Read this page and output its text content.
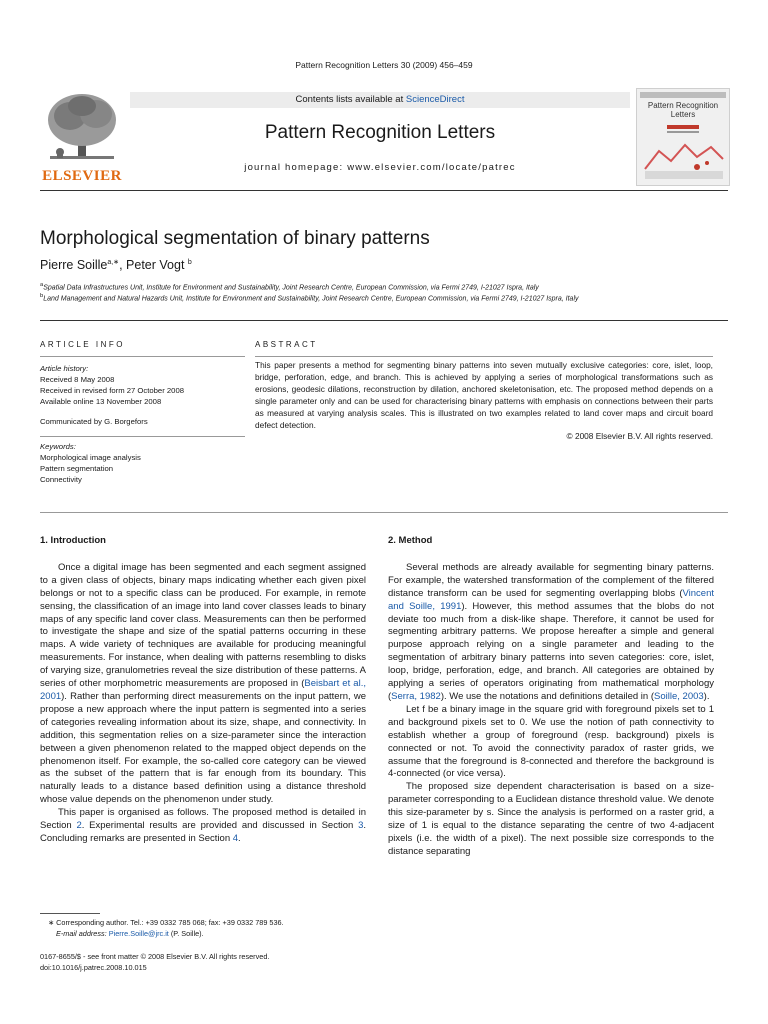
Pattern Recognition Letters 30 (2009) 456–459
ELSEVIER
Contents lists available at ScienceDirect
Pattern Recognition Letters
journal homepage: www.elsevier.com/locate/patrec
Pattern Recognition Letters
Morphological segmentation of binary patterns
Pierre Soille$^{a,∗}$, Peter Vogt $^b$
$^a$Spatial Data Infrastructures Unit, Institute for Environment and Sustainability, Joint Research Centre, European Commission, via Fermi 2749, I-21027 Ispra, Italy
$^b$Land Management and Natural Hazards Unit, Institute for Environment and Sustainability, Joint Research Centre, European Commission, via Fermi 2749, I-21027 Ispra, Italy
ARTICLE INFO
Article history:
Received 8 May 2008
Received in revised form 27 October 2008
Available online 13 November 2008
Communicated by G. Borgefors
Keywords:
Morphological image analysis
Pattern segmentation
Connectivity
ABSTRACT
This paper presents a method for segmenting binary patterns into seven mutually exclusive categories: core, islet, loop, bridge, perforation, edge, and branch. This is achieved by applying a series of morphological transformations such as erosions, geodesic dilations, reconstruction by dilation, anchored skeletonisation, etc. The proposed method depends on a single parameter only and can be used for characterising binary patterns with emphasis on connections between their parts as measured at varying analysis scales. This is illustrated on two examples related to land cover maps and circuit board defect detection.
© 2008 Elsevier B.V. All rights reserved.
1. Introduction

Once a digital image has been segmented and each segment assigned to a given class of objects, binary maps indicating whether each given pixel belongs or not to a specific class can be produced. For example, in remote sensing, the classification of an image into land cover classes leads to binary maps of any specific land cover class. Measurements can then be performed to investigate the shape and size of the spatial patterns occurring in these maps. A wide variety of techniques are available for producing meaningful measurements. For instance, when dealing with patterns resembling to disks of varying size, granulometries reveal the size distribution of these patterns. A series of other morphometric measurements are proposed in (Beisbart et al., 2001). Rather than performing direct measurements on the input pattern, we propose a new approach where the input pattern is segmented into a series of categories revealing information about its size, shape, and connectivity. In addition, this segmentation relies on a size-parameter since the interaction between a given phenomenon related to the mapped object depends on the phenomenon itself. For example, the so-called core category can be viewed as the subset of the pattern that is far enough from its boundary. This naturally leads to a distance based definition using a distance threshold whose value depends on the phenomenon under study.

This paper is organised as follows. The proposed method is detailed in Section 2. Experimental results are provided and discussed in Section 3. Concluding remarks are presented in Section 4.

2. Method

Several methods are already available for segmenting binary patterns. For example, the watershed transformation of the complement of the filtered distance transform can be used for segmenting overlapping blobs (Vincent and Soille, 1991). However, this method assumes that the blobs do not deviate too much from a disk-like shape. Therefore, it cannot be used for segmenting arbitrary patterns. We propose hereafter a simple and general purpose approach relying on a single parameter and leading to the segmentation of arbitrary binary patterns into seven categories: core, islet, loop, bridge, perforation, edge, and branch. All categories are obtained by applying a series of operators originating from mathematical morphology (Serra, 1982). We use the notations and definitions detailed in (Soille, 2003).

Let f be a binary image in the square grid with foreground pixels set to 1 and background pixels set to 0. We use the notion of path connectivity to establish whether a group of foreground (resp. background) pixels is connected or not. To avoid the connectivity paradox of raster grids, we assume that the foreground is 8-connected and therefore the background is 4-connected (or vice versa).

The proposed size dependent characterisation is based on a size-parameter corresponding to a Euclidean distance threshold value. We denote this size-parameter by s. Since the analysis is performed on a raster grid, a size of 1 is equal to the distance separating the centre of two 4-adjacent pixels (i.e. the width of a pixel). The next possible size corresponds to the distance separating

∗ Corresponding author. Tel.: +39 0332 785 068; fax: +39 0332 789 536.
E-mail address: Pierre.Soille@jrc.it (P. Soille).
0167-8655/$ - see front matter © 2008 Elsevier B.V. All rights reserved.
doi:10.1016/j.patrec.2008.10.015
